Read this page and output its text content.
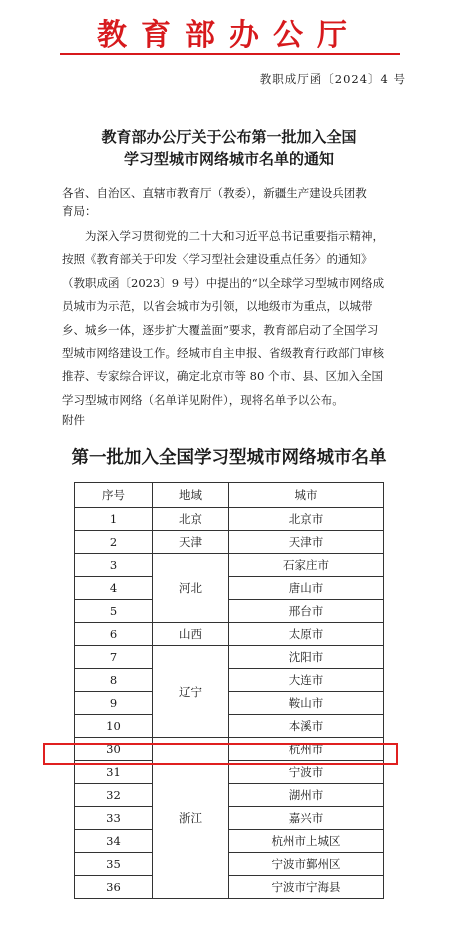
教育部办公厅
教职成厅函〔2024〕4 号
教育部办公厅关于公布第一批加入全国
学习型城市网络城市名单的通知
各省、自治区、直辖市教育厅（教委），新疆生产建设兵团教
育局：
　　为深入学习贯彻党的二十大和习近平总书记重要指示精神，
按照《教育部关于印发〈学习型社会建设重点任务〉的通知》
（教职成函〔2023〕9 号）中提出的“以全球学习型城市网络成
员城市为示范，以省会城市为引领，以地级市为重点，以城带
乡、城乡一体，逐步扩大覆盖面”要求，教育部启动了全国学习
型城市网络建设工作。经城市自主申报、省级教育行政部门审核
推荐、专家综合评议，确定北京市等 80 个市、县、区加入全国
学习型城市网络（名单详见附件），现将名单予以公布。
附件
第一批加入全国学习型城市网络城市名单
序号	地域	城市
1	北京	北京市
2	天津	天津市
3	河北	石家庄市
4		唐山市
5		邢台市
6	山西	太原市
7	辽宁	沈阳市
8		大连市
9		鞍山市
10		本溪市
30	浙江	杭州市
31		宁波市
32		湖州市
33		嘉兴市
34		杭州市上城区
35		宁波市鄞州区
36		宁波市宁海县
